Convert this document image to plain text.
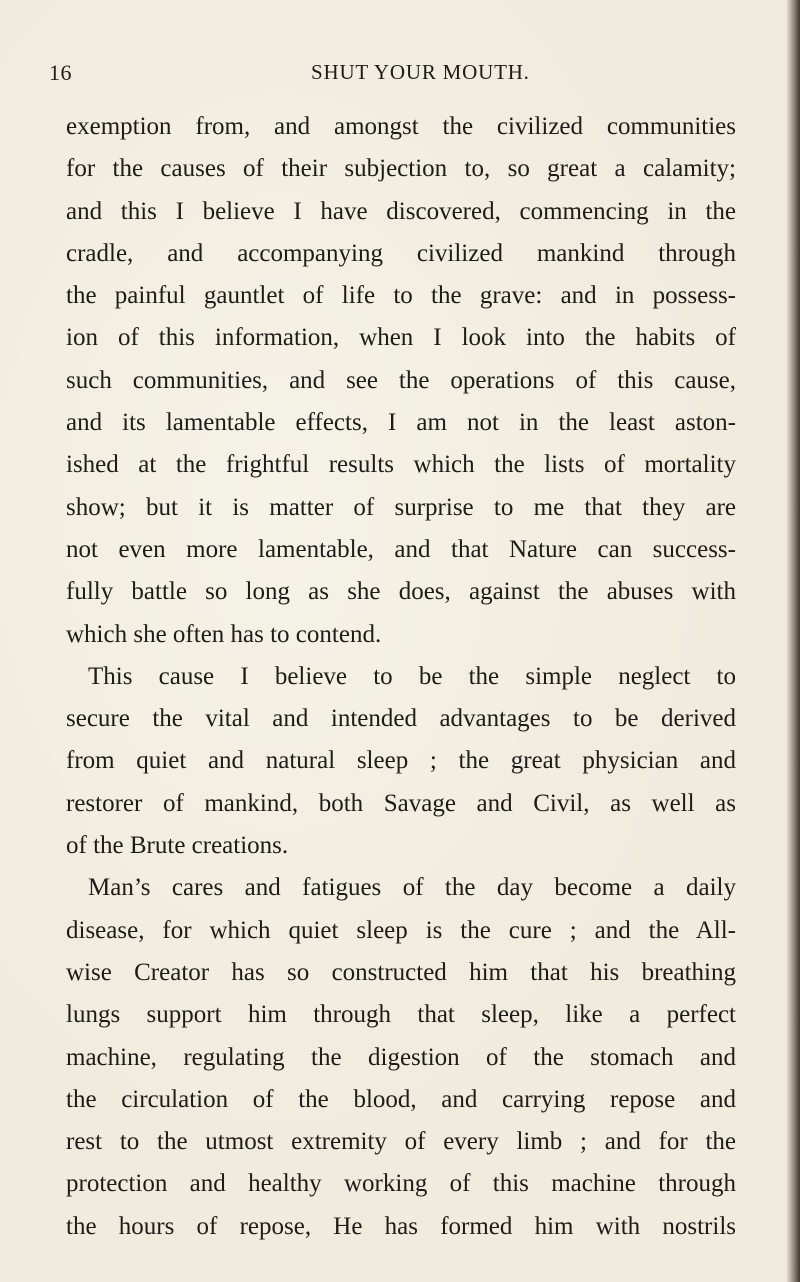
16	SHUT YOUR MOUTH.
exemption from, and amongst the civilized communities
for the causes of their subjection to, so great a calamity;
and this I believe I have discovered, commencing in the
cradle, and accompanying civilized mankind through
the painful gauntlet of life to the grave: and in possess-
ion of this information, when I look into the habits of
such communities, and see the operations of this cause,
and its lamentable effects, I am not in the least aston-
ished at the frightful results which the lists of mortality
show; but it is matter of surprise to me that they are
not even more lamentable, and that Nature can success-
fully battle so long as she does, against the abuses with
which she often has to contend.
This cause I believe to be the simple neglect to
secure the vital and intended advantages to be derived
from quiet and natural sleep ; the great physician and
restorer of mankind, both Savage and Civil, as well as
of the Brute creations.
Man’s cares and fatigues of the day become a daily
disease, for which quiet sleep is the cure ; and the All-
wise Creator has so constructed him that his breathing
lungs support him through that sleep, like a perfect
machine, regulating the digestion of the stomach and
the circulation of the blood, and carrying repose and
rest to the utmost extremity of every limb ; and for the
protection and healthy working of this machine through
the hours of repose, He has formed him with nostrils
